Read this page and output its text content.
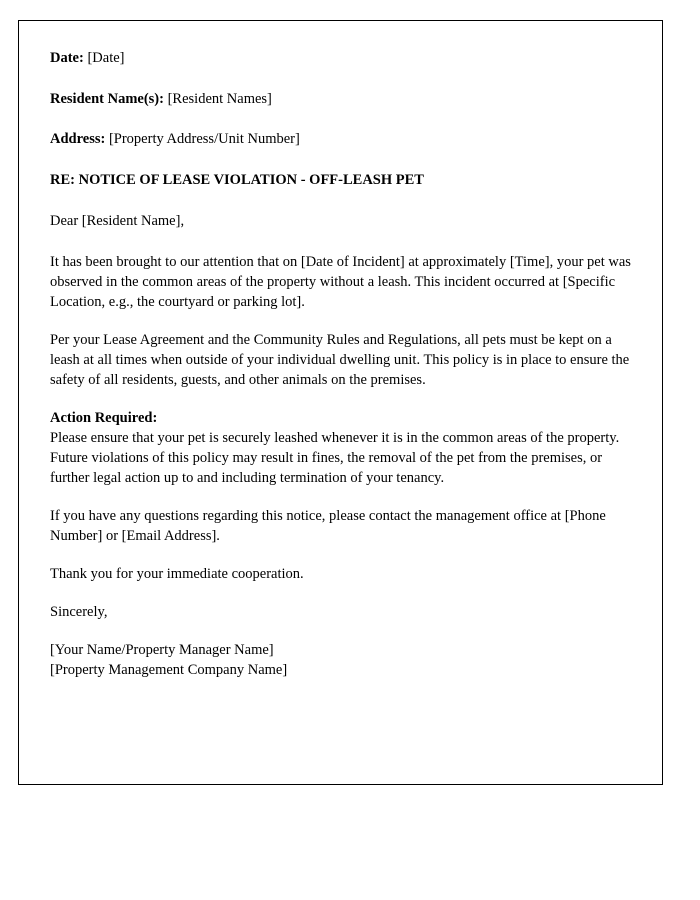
Date: [Date]

Resident Name(s): [Resident Names]

Address: [Property Address/Unit Number]

RE: NOTICE OF LEASE VIOLATION - OFF-LEASH PET

Dear [Resident Name],

It has been brought to our attention that on [Date of Incident] at approximately [Time], your pet was observed in the common areas of the property without a leash. This incident occurred at [Specific Location, e.g., the courtyard or parking lot].

Per your Lease Agreement and the Community Rules and Regulations, all pets must be kept on a leash at all times when outside of your individual dwelling unit. This policy is in place to ensure the safety of all residents, guests, and other animals on the premises.

Action Required:
Please ensure that your pet is securely leashed whenever it is in the common areas of the property. Future violations of this policy may result in fines, the removal of the pet from the premises, or further legal action up to and including termination of your tenancy.

If you have any questions regarding this notice, please contact the management office at [Phone Number] or [Email Address].

Thank you for your immediate cooperation.

Sincerely,

[Your Name/Property Manager Name]
[Property Management Company Name]
